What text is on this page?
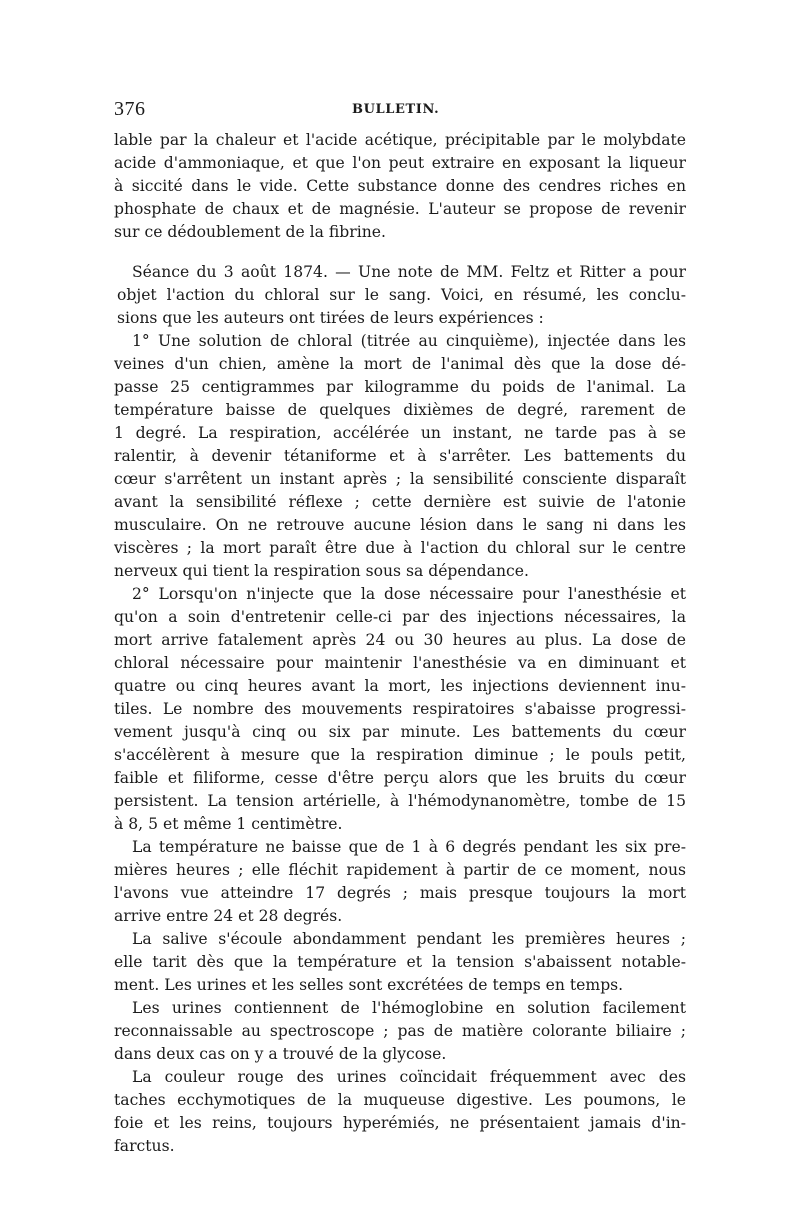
376	BULLETIN.
lable par la chaleur et l'acide acétique, précipitable par le molybdate
acide d'ammoniaque, et que l'on peut extraire en exposant la liqueur
à siccité dans le vide. Cette substance donne des cendres riches en
phosphate de chaux et de magnésie. L'auteur se propose de revenir
sur ce dédoublement de la fibrine.
Séance du 3 août 1874. — Une note de MM. Feltz et Ritter a pour
objet l'action du chloral sur le sang. Voici, en résumé, les conclu-
sions que les auteurs ont tirées de leurs expériences :
1° Une solution de chloral (titrée au cinquième), injectée dans les
veines d'un chien, amène la mort de l'animal dès que la dose dé-
passe 25 centigrammes par kilogramme du poids de l'animal. La
température baisse de quelques dixièmes de degré, rarement de
1 degré. La respiration, accélérée un instant, ne tarde pas à se
ralentir, à devenir tétaniforme et à s'arrêter. Les battements du
cœur s'arrêtent un instant après ; la sensibilité consciente disparaît
avant la sensibilité réflexe ; cette dernière est suivie de l'atonie
musculaire. On ne retrouve aucune lésion dans le sang ni dans les
viscères ; la mort paraît être due à l'action du chloral sur le centre
nerveux qui tient la respiration sous sa dépendance.
2° Lorsqu'on n'injecte que la dose nécessaire pour l'anesthésie et
qu'on a soin d'entretenir celle-ci par des injections nécessaires, la
mort arrive fatalement après 24 ou 30 heures au plus. La dose de
chloral nécessaire pour maintenir l'anesthésie va en diminuant et
quatre ou cinq heures avant la mort, les injections deviennent inu-
tiles. Le nombre des mouvements respiratoires s'abaisse progressi-
vement jusqu'à cinq ou six par minute. Les battements du cœur
s'accélèrent à mesure que la respiration diminue ; le pouls petit,
faible et filiforme, cesse d'être perçu alors que les bruits du cœur
persistent. La tension artérielle, à l'hémodynanomètre, tombe de 15
à 8, 5 et même 1 centimètre.
La température ne baisse que de 1 à 6 degrés pendant les six pre-
mières heures ; elle fléchit rapidement à partir de ce moment, nous
l'avons vue atteindre 17 degrés ; mais presque toujours la mort
arrive entre 24 et 28 degrés.
La salive s'écoule abondamment pendant les premières heures ;
elle tarit dès que la température et la tension s'abaissent notable-
ment. Les urines et les selles sont excrétées de temps en temps.
Les urines contiennent de l'hémoglobine en solution facilement
reconnaissable au spectroscope ; pas de matière colorante biliaire ;
dans deux cas on y a trouvé de la glycose.
La couleur rouge des urines coïncidait fréquemment avec des
taches ecchymotiques de la muqueuse digestive. Les poumons, le
foie et les reins, toujours hyperémiés, ne présentaient jamais d'in-
farctus.
